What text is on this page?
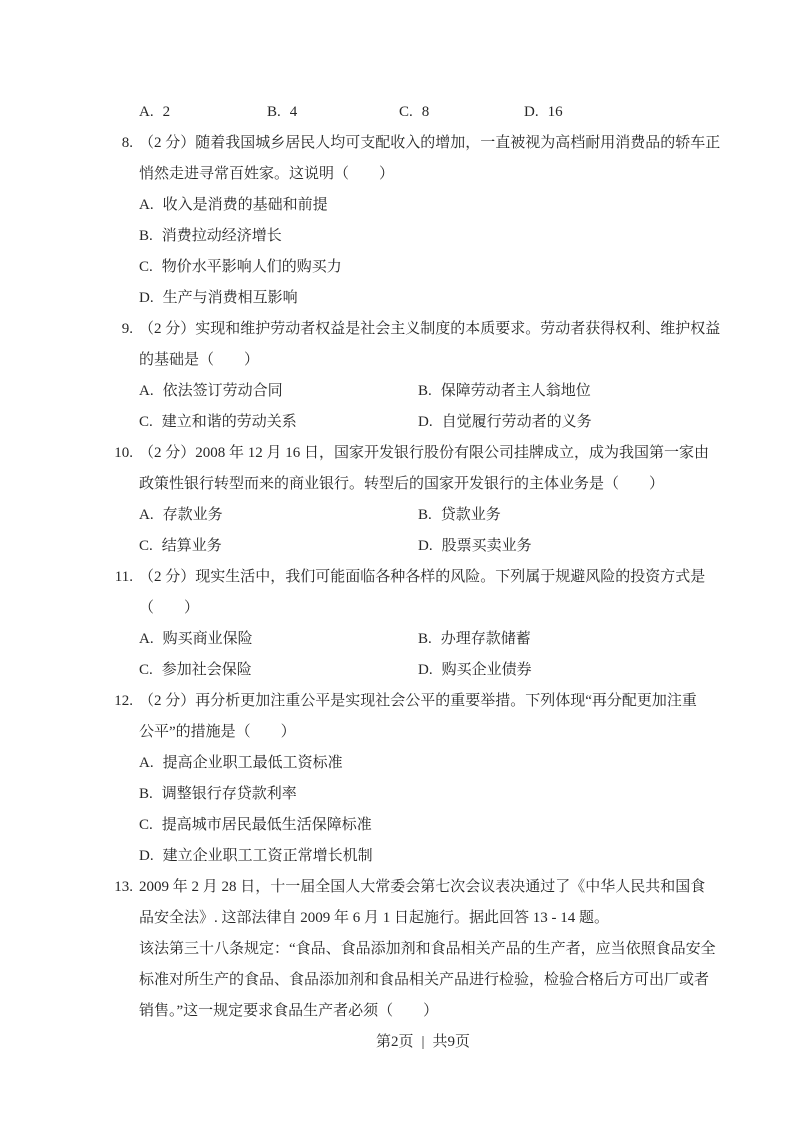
A. 2	B. 4	C. 8	D. 16
8. （2 分）随着我国城乡居民人均可支配收入的增加，一直被视为高档耐用消费品的轿车正
悄然走进寻常百姓家。这说明（　　）
A. 收入是消费的基础和前提
B. 消费拉动经济增长
C. 物价水平影响人们的购买力
D. 生产与消费相互影响
9. （2 分）实现和维护劳动者权益是社会主义制度的本质要求。劳动者获得权利、维护权益
的基础是（　　）
A. 依法签订劳动合同	B. 保障劳动者主人翁地位
C. 建立和谐的劳动关系	D. 自觉履行劳动者的义务
10. （2 分）2008 年 12 月 16 日，国家开发银行股份有限公司挂牌成立，成为我国第一家由
政策性银行转型而来的商业银行。转型后的国家开发银行的主体业务是（　　）
A. 存款业务	B. 贷款业务
C. 结算业务	D. 股票买卖业务
11. （2 分）现实生活中，我们可能面临各种各样的风险。下列属于规避风险的投资方式是
（　　）
A. 购买商业保险	B. 办理存款储蓄
C. 参加社会保险	D. 购买企业债券
12. （2 分）再分析更加注重公平是实现社会公平的重要举措。下列体现“再分配更加注重
公平”的措施是（　　）
A. 提高企业职工最低工资标准
B. 调整银行存贷款利率
C. 提高城市居民最低生活保障标准
D. 建立企业职工工资正常增长机制
13. 2009 年 2 月 28 日，十一届全国人大常委会第七次会议表决通过了《中华人民共和国食
品安全法》. 这部法律自 2009 年 6 月 1 日起施行。据此回答 13 - 14 题。
该法第三十八条规定：“食品、食品添加剂和食品相关产品的生产者，应当依照食品安全
标准对所生产的食品、食品添加剂和食品相关产品进行检验，检验合格后方可出厂或者
销售。”这一规定要求食品生产者必须（　　）
第2页 | 共9页
